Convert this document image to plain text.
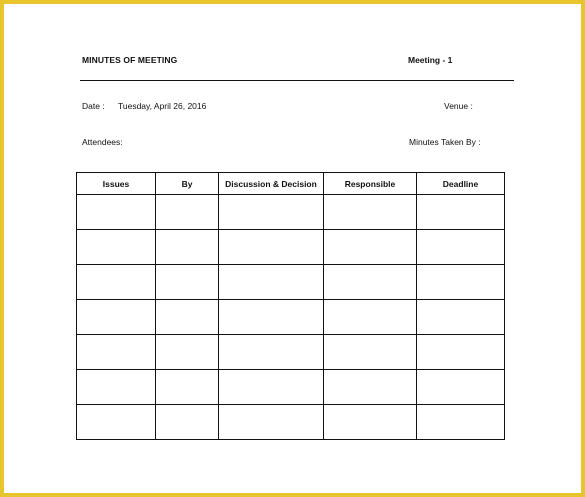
MINUTES OF MEETING	Meeting - 1
Date : Tuesday, April 26, 2016	Venue :
Attendees:	Minutes Taken By :
Issues	By	Discussion & Decision	Responsible	Deadline
